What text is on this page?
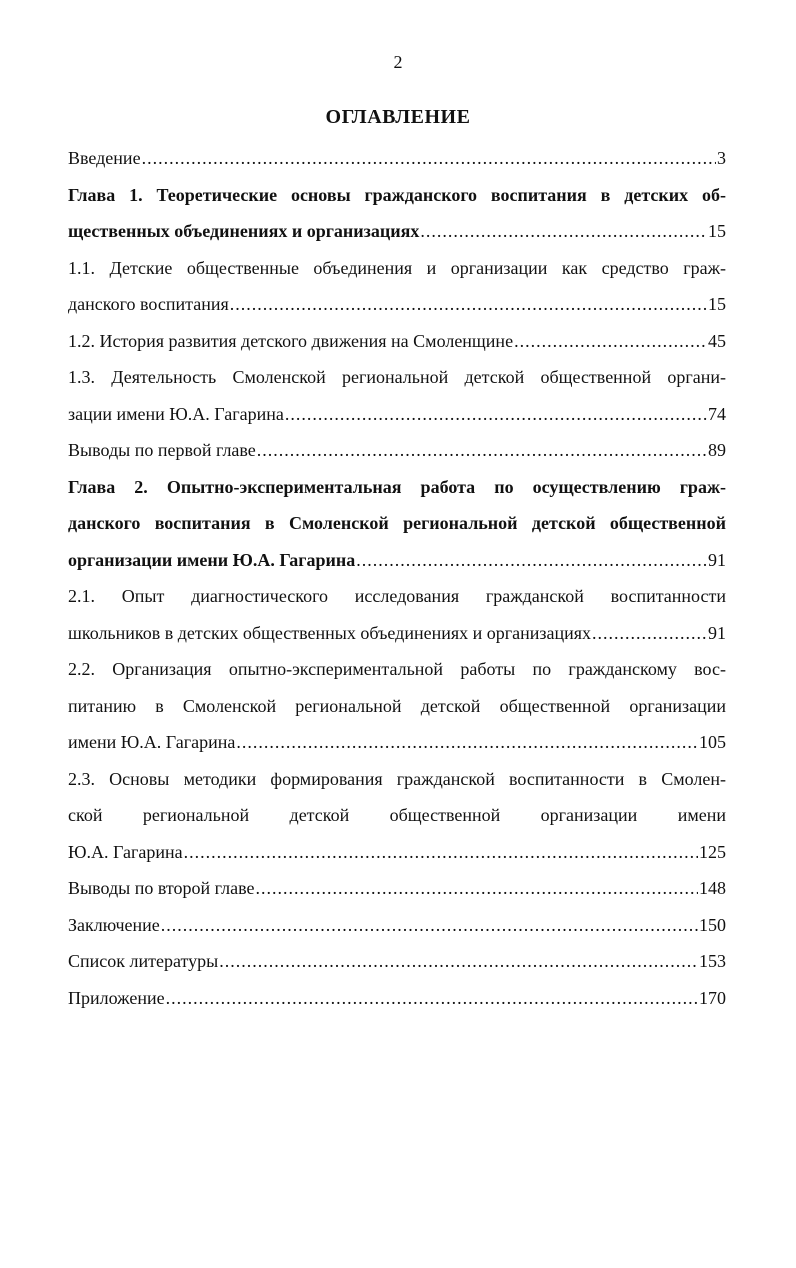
2
ОГЛАВЛЕНИЕ
Введение .....	3
Глава 1. Теоретические основы гражданского воспитания в детских об-
щественных объединениях и организациях .....	15
1.1. Детские общественные объединения и организации как средство граж-
данского воспитания .....	15
1.2. История развития детского движения на Смоленщине .....	45
1.3. Деятельность Смоленской региональной детской общественной органи-
зации имени Ю.А. Гагарина .....	74
Выводы по первой главе .....	89
Глава 2. Опытно-экспериментальная работа по осуществлению граж-
данского воспитания в Смоленской региональной детской общественной
организации имени Ю.А. Гагарина .....	91
2.1. Опыт диагностического исследования гражданской воспитанности
школьников в детских общественных объединениях и организациях .....	91
2.2. Организация опытно-экспериментальной работы по гражданскому вос-
питанию в Смоленской региональной детской общественной организации
имени Ю.А. Гагарина .....	105
2.3. Основы методики формирования гражданской воспитанности в Смолен-
ской региональной детской общественной организации имени
Ю.А. Гагарина .....	125
Выводы по второй главе .....	148
Заключение .....	150
Список литературы .....	153
Приложение .....	170
